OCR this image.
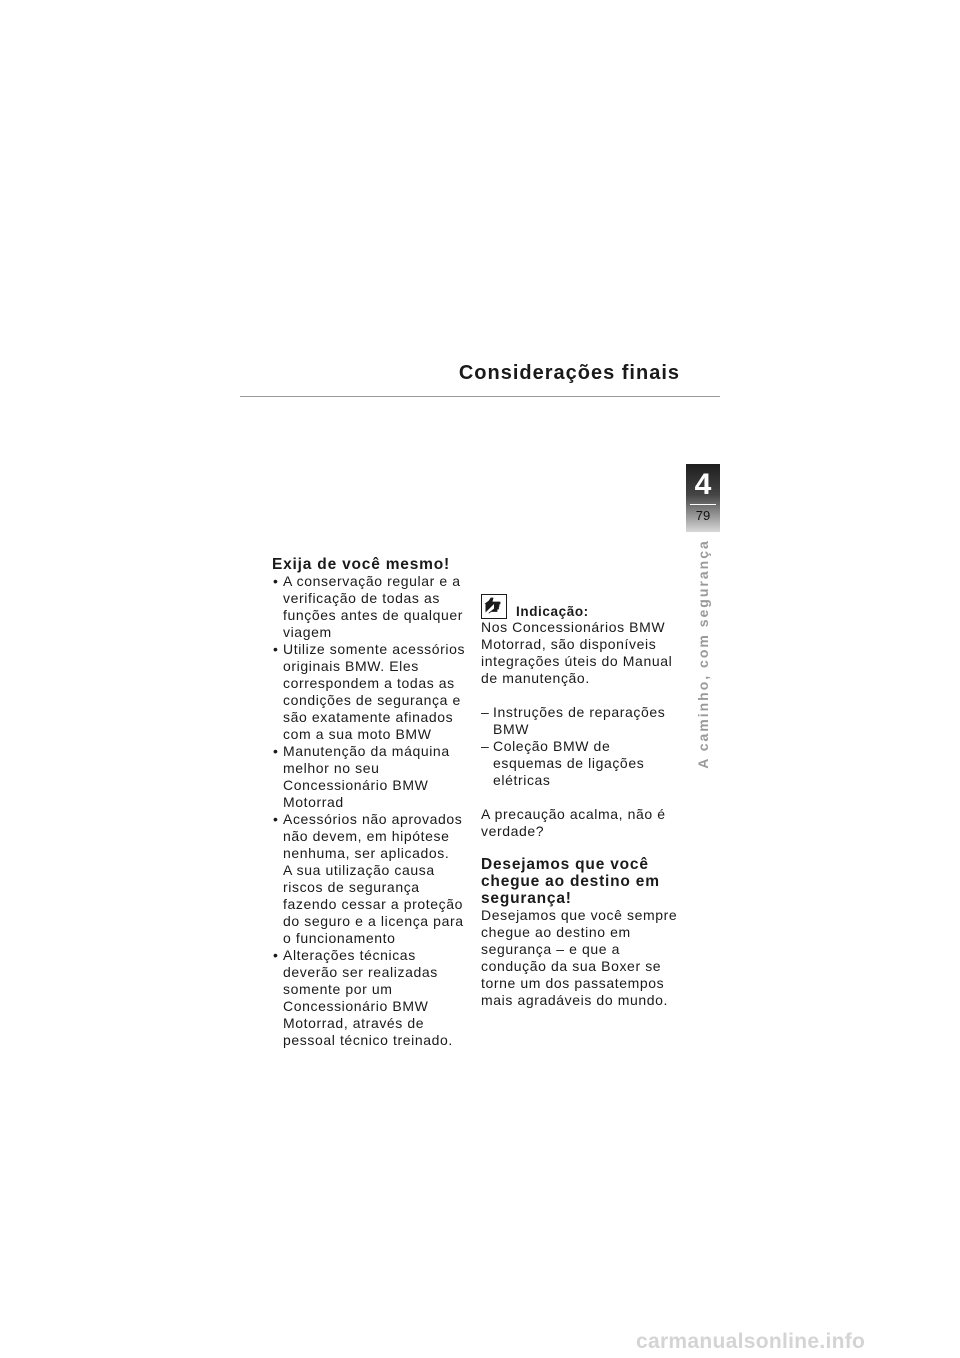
Considerações finais
4
79
A caminho, com segurança
Exija de você mesmo!
• A conservação regular e a verificação de todas as funções antes de qualquer viagem
• Utilize somente acessórios originais BMW. Eles correspondem a todas as condições de segurança e são exatamente afinados com a sua moto BMW
• Manutenção da máquina melhor no seu Concessionário BMW Motorrad
• Acessórios não aprovados não devem, em hipótese nenhuma, ser aplicados.
A sua utilização causa riscos de segurança fazendo cessar a proteção do seguro e a licença para o funcionamento
• Alterações técnicas deverão ser realizadas somente por um Concessionário BMW Motorrad, através de pessoal técnico treinado.
Indicação:

Nos Concessionários BMW Motorrad, são disponíveis integrações úteis do Manual de manutenção.

– Instruções de reparações BMW
– Coleção BMW de esquemas de ligações elétricas

A precaução acalma, não é verdade?

Desejamos que você chegue ao destino em segurança!

Desejamos que você sempre chegue ao destino em segurança – e que a condução da sua Boxer se torne um dos passatempos mais agradáveis do mundo.

carmanualsonline.info
